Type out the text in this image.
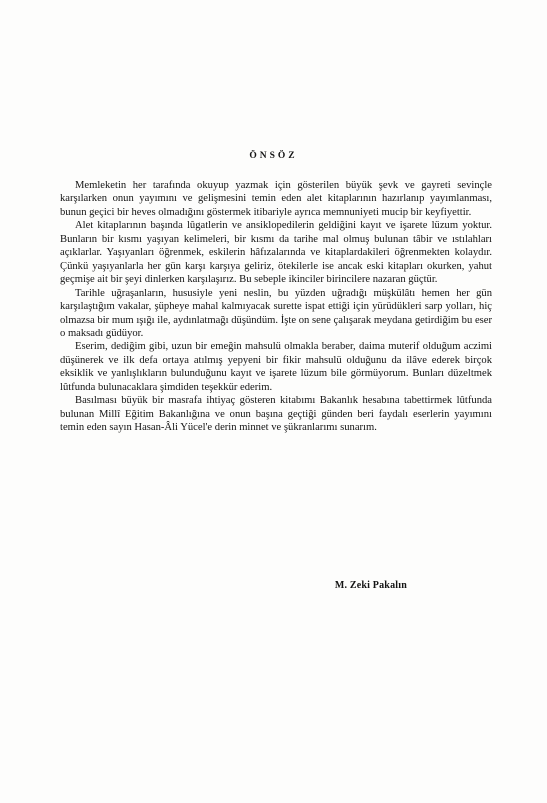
ÖNSÖZ

Memleketin her tarafında okuyup yazmak için gösterilen büyük şevk ve gayreti sevinçle karşılarken onun yayımını ve gelişmesini temin eden alet kitaplarının hazırlanıp yayımlanması, bunun geçici bir heves olmadığını göstermek itibariyle ayrıca memnuniyeti mucip bir keyfiyettir.

Alet kitaplarının başında lûgatlerin ve ansiklopedilerin geldiğini kayıt ve işarete lüzum yoktur. Bunların bir kısmı yaşıyan kelimeleri, bir kısmı da tarihe mal olmuş bulunan tâbir ve ıstılahları açıklarlar. Yaşıyanları öğrenmek, eskilerin hâfızalarında ve kitaplardakileri öğrenmekten kolaydır. Çünkü yaşıyanlarla her gün karşı karşıya geliriz, ötekilerle ise ancak eski kitapları okurken, yahut geçmişe ait bir şeyi dinlerken karşılaşırız. Bu sebeple ikinciler birincilere nazaran güçtür.

Tarihle uğraşanların, hususiyle yeni neslin, bu yüzden uğradığı müşkülâtı hemen her gün karşılaştığım vakalar, şüpheye mahal kalmıyacak surette ispat ettiği için yürüdükleri sarp yolları, hiç olmazsa bir mum ışığı ile, aydınlatmağı düşündüm. İşte on sene çalışarak meydana getirdiğim bu eser o maksadı güdüyor.

Eserim, dediğim gibi, uzun bir emeğin mahsulü olmakla beraber, daima muterif olduğum aczimi düşünerek ve ilk defa ortaya atılmış yepyeni bir fikir mahsulü olduğunu da ilâve ederek birçok eksiklik ve yanlışlıkların bulunduğunu kayıt ve işarete lüzum bile görmüyorum. Bunları düzeltmek lûtfunda bulunacaklara şimdiden teşekkür ederim.

Basılması büyük bir masrafa ihtiyaç gösteren kitabımı Bakanlık hesabına tabettirmek lûtfunda bulunan Millî Eğitim Bakanlığına ve onun başına geçtiği günden beri faydalı eserlerin yayımını temin eden sayın Hasan-Âli Yücel'e derin minnet ve şükranlarımı sunarım.

M. Zeki Pakalın
